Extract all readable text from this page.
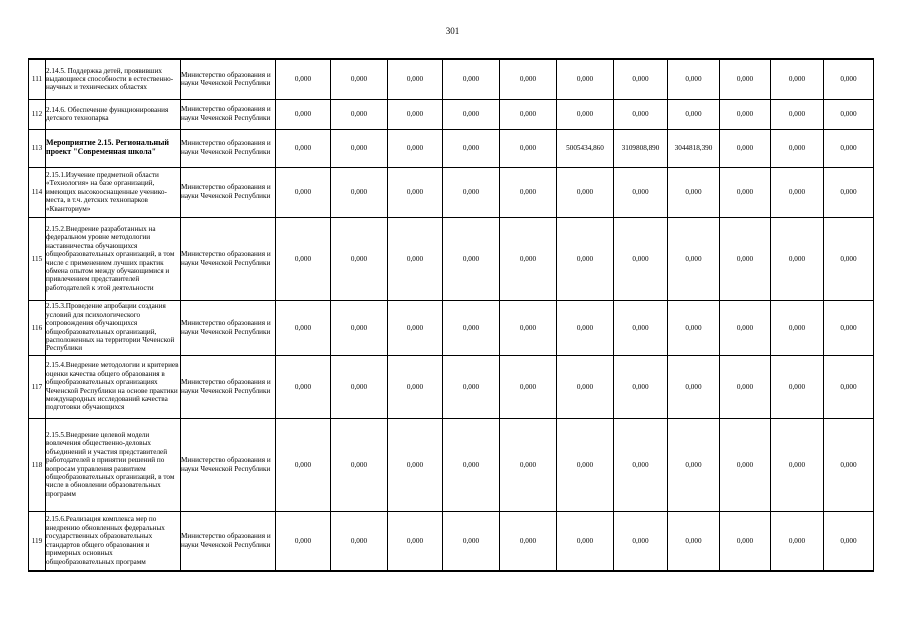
301
111	2.14.5. Поддержка детей, проявивших выдающиеся способности в естественно-научных и технических областях	Министерство образования и науки Чеченской Республики	0,000	0,000	0,000	0,000	0,000	0,000	0,000	0,000	0,000	0,000	0,000
112	2.14.6. Обеспечение функционирования детского технопарка	Министерство образования и науки Чеченской Республики	0,000	0,000	0,000	0,000	0,000	0,000	0,000	0,000	0,000	0,000	0,000
113	Мероприятие 2.15. Региональный проект "Современная школа"	Министерство образования и науки Чеченской Республики	0,000	0,000	0,000	0,000	0,000	5005434,860	3109808,890	3044818,390	0,000	0,000	0,000
114	2.15.1.Изучение предметной области «Технология» на базе организаций, имеющих высокооснащенные ученико-места, в т.ч. детских технопарков «Кванториум»	Министерство образования и науки Чеченской Республики	0,000	0,000	0,000	0,000	0,000	0,000	0,000	0,000	0,000	0,000	0,000
115	2.15.2.Внедрение разработанных на федеральном уровне методологии наставничества обучающихся общеобразовательных организаций, в том числе с применением лучших практик обмена опытом между обучающимися и привлечением представителей работодателей к этой деятельности	Министерство образования и науки Чеченской Республики	0,000	0,000	0,000	0,000	0,000	0,000	0,000	0,000	0,000	0,000	0,000
116	2.15.3.Проведение апробации создания условий для психологического сопровождения обучающихся общеобразовательных организаций, расположенных на территории Чеченской Республики	Министерство образования и науки Чеченской Республики	0,000	0,000	0,000	0,000	0,000	0,000	0,000	0,000	0,000	0,000	0,000
117	2.15.4.Внедрение методологии и критериев оценки качества общего образования в общеобразовательных организациях Чеченской Республики на основе практики международных исследований качества подготовки обучающихся	Министерство образования и науки Чеченской Республики	0,000	0,000	0,000	0,000	0,000	0,000	0,000	0,000	0,000	0,000	0,000
118	2.15.5.Внедрение целевой модели вовлечения общественно-деловых объединений и участия представителей работодателей в принятии решений по вопросам управления развитием общеобразовательных организаций, в том числе в обновлении образовательных программ	Министерство образования и науки Чеченской Республики	0,000	0,000	0,000	0,000	0,000	0,000	0,000	0,000	0,000	0,000	0,000
119	2.15.6.Реализация комплекса мер по внедрению обновленных федеральных государственных образовательных стандартов общего образования и примерных основных общеобразовательных программ	Министерство образования и науки Чеченской Республики	0,000	0,000	0,000	0,000	0,000	0,000	0,000	0,000	0,000	0,000	0,000
